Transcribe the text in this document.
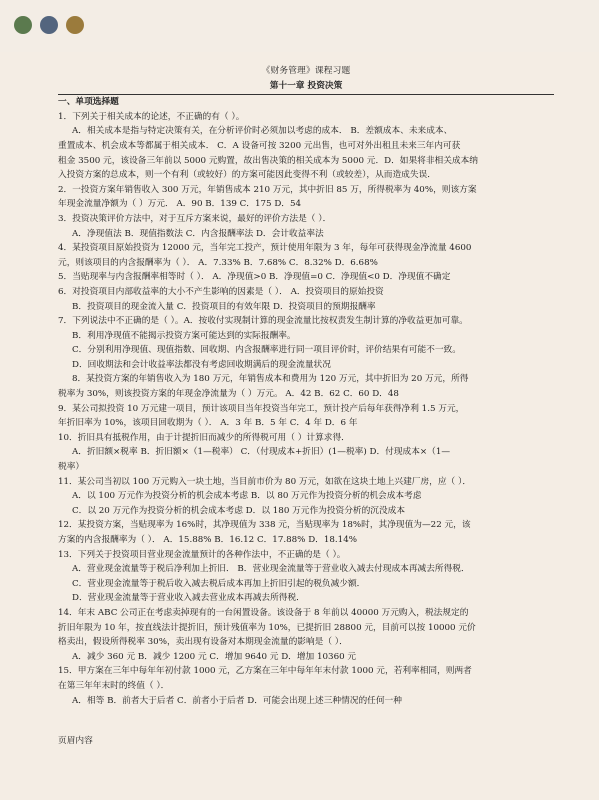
《财务管理》课程习题

第十一章 投资决策

一、单项选择题

1．下列关于相关成本的论述，不正确的有（ ）。

A．相关成本是指与特定决策有关，在分析评价时必须加以考虑的成本． B．差额成本、未来成本、

重置成本、机会成本等都属于相关成本． C．A 设备可按 3200 元出售，也可对外出租且未来三年内可获

租金 3500 元，该设备三年前以 5000 元购置，故出售决策的相关成本为 5000 元．D．如果将非相关成本纳

入投资方案的总成本，则一个有利（或较好）的方案可能因此变得不利（或较差），从而造成失误．

2．一投资方案年销售收入 300 万元，年销售成本 210 万元，其中折旧 85 万，所得税率为 40%，则该方案

年现金流量净额为（ ）万元． A．90 B．139 C．175 D．54

3．投资决策评价方法中，对于互斥方案来说，最好的评价方法是（ ）．

A．净现值法 B．现值指数法 C．内含报酬率法 D．会计收益率法

4．某投资项目原始投资为 12000 元，当年完工投产，预计使用年限为 3 年，每年可获得现金净流量 4600

元，则该项目的内含报酬率为（ ）． A．7.33% B．7.68% C．8.32% D．6.68%

5．当贴现率与内含报酬率相等时（ ）． A．净现值>0 B．净现值=0 C．净现值<0 D．净现值不确定

6．对投资项目内部收益率的大小不产生影响的因素是（ ）． A．投资项目的原始投资

B．投资项目的现金流入量 C．投资项目的有效年限 D．投资项目的预期报酬率

7．下列说法中不正确的是（ ）。A．按收付实现制计算的现金流量比按权责发生制计算的净收益更加可靠。

B．利用净现值不能揭示投资方案可能达到的实际报酬率。

C．分别利用净现值、现值指数、回收期、内含报酬率进行同一项目评价时，评价结果有可能不一致。

D．回收期法和会计收益率法都没有考虑回收期满后的现金流量状况

8．某投资方案的年销售收入为 180 万元，年销售成本和费用为 120 万元，其中折旧为 20 万元，所得

税率为 30%，则该投资方案的年现金净流量为（ ）万元。 A．42 B．62 C．60 D．48

9．某公司拟投资 10 万元建一项目，预计该项目当年投资当年完工，预计投产后每年获得净利 1.5 万元，

年折旧率为 10%，该项目回收期为（ ）． A．3 年 B．5 年 C．4 年 D．6 年

10．折旧具有抵税作用，由于计提折旧而减少的所得税可用（ ）计算求得．

A．折旧额×税率 B．折旧额×（1—税率） C．（付现成本+折旧）(1—税率) D．付现成本×（1—

税率）

11．某公司当初以 100 万元购入一块土地，当目前市价为 80 万元，如欲在这块土地上兴建厂房，应（ ）．

A．以 100 万元作为投资分析的机会成本考虑 B．以 80 万元作为投资分析的机会成本考虑

C．以 20 万元作为投资分析的机会成本考虑 D．以 180 万元作为投资分析的沉没成本

12．某投资方案，当贴现率为 16%时，其净现值为 338 元，当贴现率为 18%时，其净现值为—22 元，该

方案的内含报酬率为（ ）． A．15.88% B．16.12 C．17.88% D．18.14%

13．下列关于投资项目营业现金流量预计的各种作法中，不正确的是（ ）。

A．营业现金流量等于税后净利加上折旧． B．营业现金流量等于营业收入减去付现成本再减去所得税．

C．营业现金流量等于税后收入减去税后成本再加上折旧引起的税负减少额．

D．营业现金流量等于营业收入减去营业成本再减去所得税．

14．年末 ABC 公司正在考虑卖掉现有的一台闲置设备。该设备于 8 年前以 40000 万元购入，税法规定的

折旧年限为 10 年，按直线法计提折旧，预计残值率为 10%，已提折旧 28800 元，目前可以按 10000 元价

格卖出，假设所得税率 30%，卖出现有设备对本期现金流量的影响是（ ）．

A．减少 360 元 B．减少 1200 元 C．增加 9640 元 D．增加 10360 元

15．甲方案在三年中每年年初付款 1000 元，乙方案在三年中每年年末付款 1000 元，若利率相同，则两者

在第三年年末时的终值（ ）．

A．相等 B．前者大于后者 C．前者小于后者 D．可能会出现上述三种情况的任何一种

页眉内容
